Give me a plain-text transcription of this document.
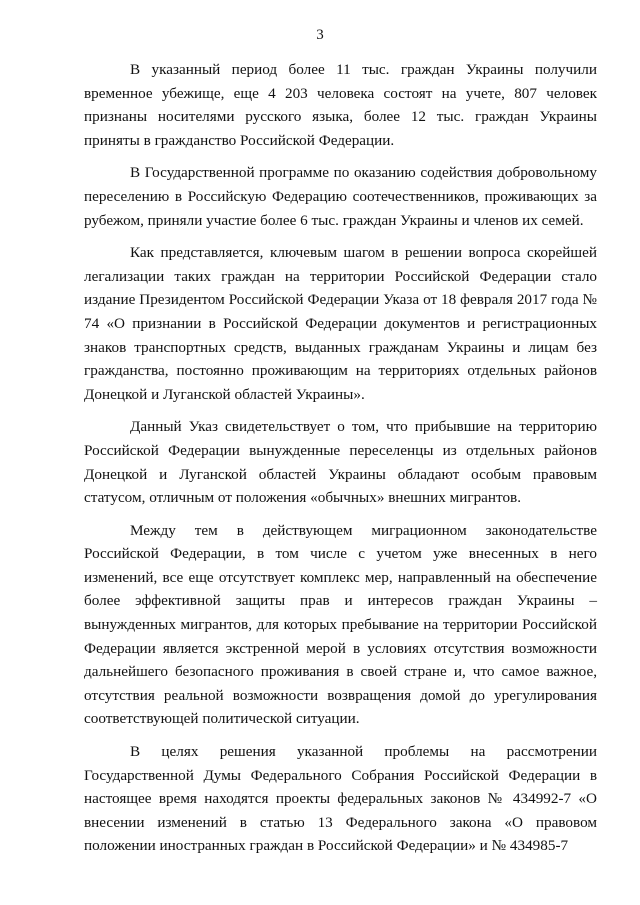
3

В указанный период более 11 тыс. граждан Украины получили временное убежище, еще 4 203 человека состоят на учете, 807 человек признаны носителями русского языка, более 12 тыс. граждан Украины приняты в гражданство Российской Федерации.

В Государственной программе по оказанию содействия добровольному переселению в Российскую Федерацию соотечественников, проживающих за рубежом, приняли участие более 6 тыс. граждан Украины и членов их семей.

Как представляется, ключевым шагом в решении вопроса скорейшей легализации таких граждан на территории Российской Федерации стало издание Президентом Российской Федерации Указа от 18 февраля 2017 года № 74 «О признании в Российской Федерации документов и регистрационных знаков транспортных средств, выданных гражданам Украины и лицам без гражданства, постоянно проживающим на территориях отдельных районов Донецкой и Луганской областей Украины».

Данный Указ свидетельствует о том, что прибывшие на территорию Российской Федерации вынужденные переселенцы из отдельных районов Донецкой и Луганской областей Украины обладают особым правовым статусом, отличным от положения «обычных» внешних мигрантов.

Между тем в действующем миграционном законодательстве Российской Федерации, в том числе с учетом уже внесенных в него изменений, все еще отсутствует комплекс мер, направленный на обеспечение более эффективной защиты прав и интересов граждан Украины – вынужденных мигрантов, для которых пребывание на территории Российской Федерации является экстренной мерой в условиях отсутствия возможности дальнейшего безопасного проживания в своей стране и, что самое важное, отсутствия реальной возможности возвращения домой до урегулирования соответствующей политической ситуации.

В целях решения указанной проблемы на рассмотрении Государственной Думы Федерального Собрания Российской Федерации в настоящее время находятся проекты федеральных законов № 434992-7 «О внесении изменений в статью 13 Федерального закона «О правовом положении иностранных граждан в Российской Федерации» и № 434985-7
